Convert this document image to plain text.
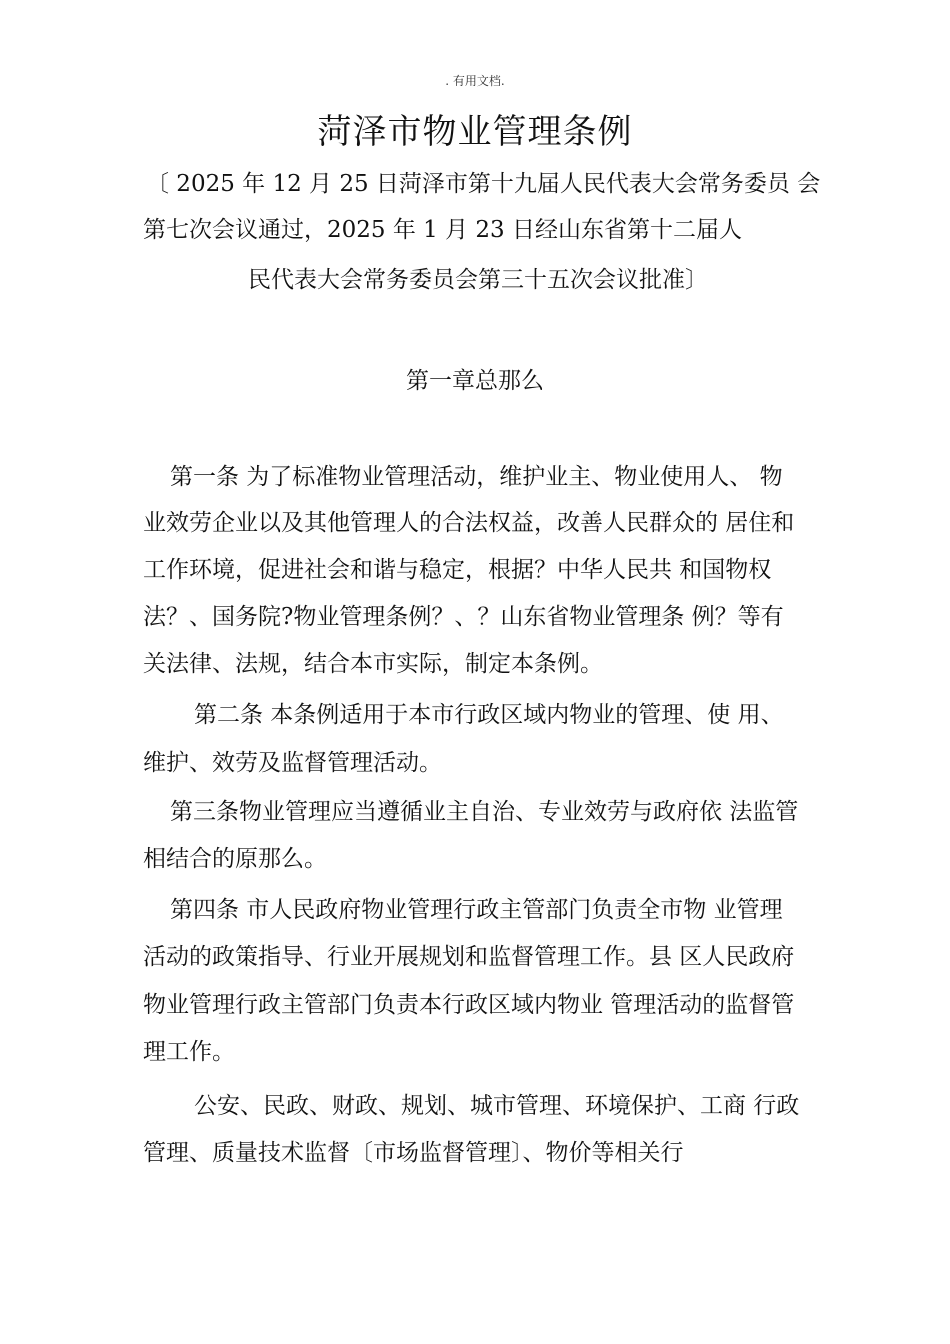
. 有用文档.
菏泽市物业管理条例
〔 2025 年 12 月 25 日菏泽市第十九届人民代表大会常务委员 会
第七次会议通过，2025 年 1 月 23 日经山东省第十二届人
民代表大会常务委员会第三十五次会议批准〕
第一章总那么
第一条 为了标准物业管理活动，维护业主、物业使用人、 物
业效劳企业以及其他管理人的合法权益，改善人民群众的 居住和
工作环境，促进社会和谐与稳定，根据？中华人民共 和国物权
法？、国务院?物业管理条例？、？山东省物业管理条 例？等有
关法律、法规，结合本市实际，制定本条例。
第二条 本条例适用于本市行政区域内物业的管理、使 用、
维护、效劳及监督管理活动。
第三条物业管理应当遵循业主自治、专业效劳与政府依 法监管
相结合的原那么。
第四条 市人民政府物业管理行政主管部门负责全市物 业管理
活动的政策指导、行业开展规划和监督管理工作。县 区人民政府
物业管理行政主管部门负责本行政区域内物业 管理活动的监督管
理工作。
公安、民政、财政、规划、城市管理、环境保护、工商 行政
管理、质量技术监督〔市场监督管理〕、物价等相关行
